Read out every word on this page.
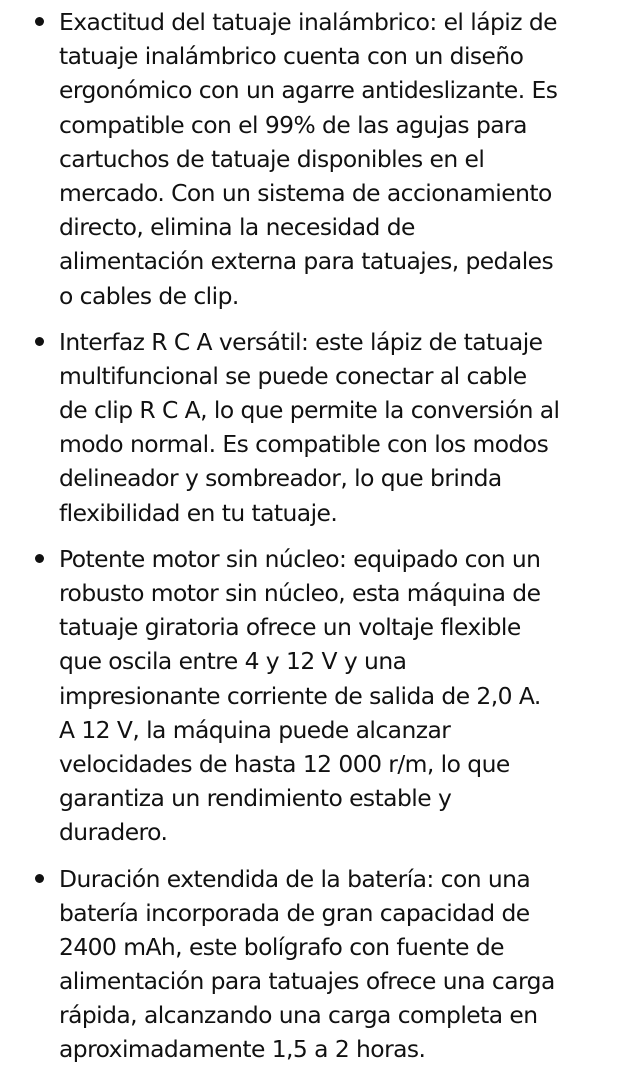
Exactitud del tatuaje inalámbrico: el lápiz de
tatuaje inalámbrico cuenta con un diseño
ergonómico con un agarre antideslizante. Es
compatible con el 99% de las agujas para
cartuchos de tatuaje disponibles en el
mercado. Con un sistema de accionamiento
directo, elimina la necesidad de
alimentación externa para tatuajes, pedales
o cables de clip.
Interfaz R C A versátil: este lápiz de tatuaje
multifuncional se puede conectar al cable
de clip R C A, lo que permite la conversión al
modo normal. Es compatible con los modos
delineador y sombreador, lo que brinda
flexibilidad en tu tatuaje.
Potente motor sin núcleo: equipado con un
robusto motor sin núcleo, esta máquina de
tatuaje giratoria ofrece un voltaje flexible
que oscila entre 4 y 12 V y una
impresionante corriente de salida de 2,0 A.
A 12 V, la máquina puede alcanzar
velocidades de hasta 12 000 r/m, lo que
garantiza un rendimiento estable y
duradero.
Duración extendida de la batería: con una
batería incorporada de gran capacidad de
2400 mAh, este bolígrafo con fuente de
alimentación para tatuajes ofrece una carga
rápida, alcanzando una carga completa en
aproximadamente 1,5 a 2 horas.
